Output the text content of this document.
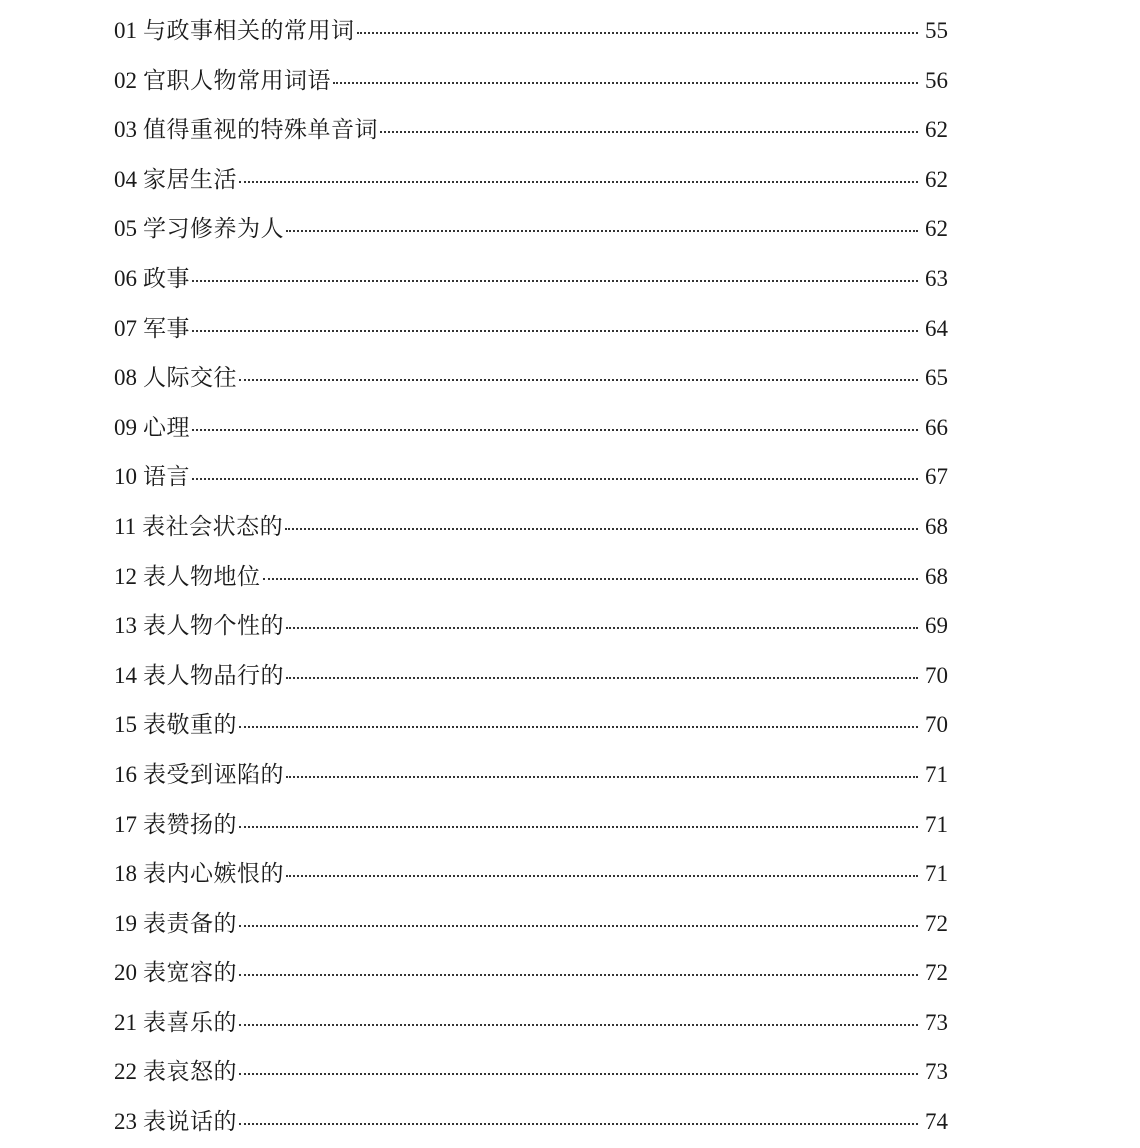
01 与政事相关的常用词	55
02 官职人物常用词语	56
03 值得重视的特殊单音词	62
04 家居生活	62
05 学习修养为人	62
06 政事	63
07 军事	64
08 人际交往	65
09 心理	66
10 语言	67
11 表社会状态的	68
12 表人物地位	68
13 表人物个性的	69
14 表人物品行的	70
15 表敬重的	70
16 表受到诬陷的	71
17 表赞扬的	71
18 表内心嫉恨的	71
19 表责备的	72
20 表宽容的	72
21 表喜乐的	73
22 表哀怒的	73
23 表说话的	74
